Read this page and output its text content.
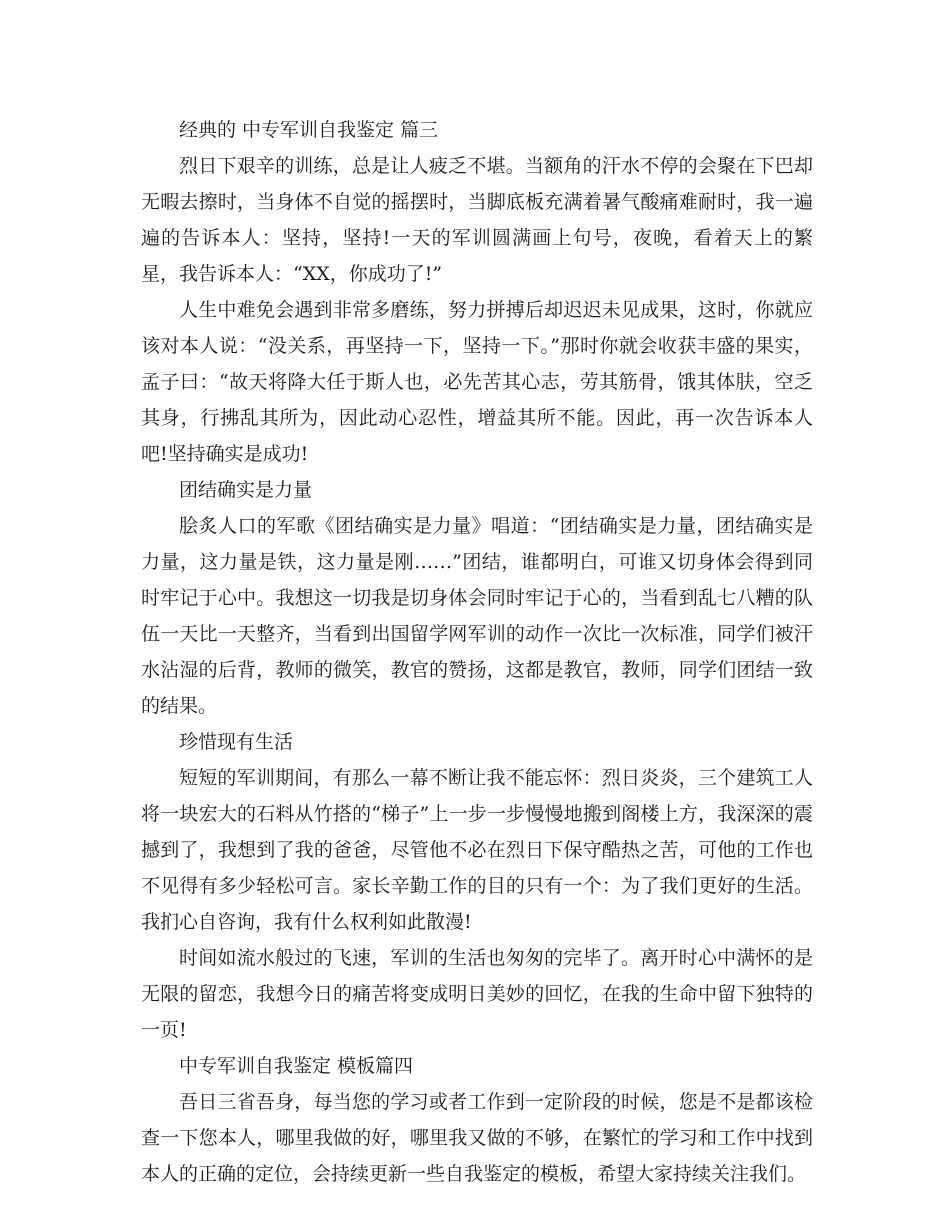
经典的 中专军训自我鉴定 篇三

烈日下艰辛的训练，总是让人疲乏不堪。当额角的汗水不停的会聚在下巴却无暇去擦时，当身体不自觉的摇摆时，当脚底板充满着暑气酸痛难耐时，我一遍遍的告诉本人：坚持，坚持!一天的军训圆满画上句号，夜晚，看着天上的繁星，我告诉本人：“XX，你成功了!”

人生中难免会遇到非常多磨练，努力拼搏后却迟迟未见成果，这时，你就应该对本人说：“没关系，再坚持一下，坚持一下。”那时你就会收获丰盛的果实，孟子曰：“故天将降大任于斯人也，必先苦其心志，劳其筋骨，饿其体肤，空乏其身，行拂乱其所为，因此动心忍性，增益其所不能。因此，再一次告诉本人吧!坚持确实是成功!

团结确实是力量

脍炙人口的军歌《团结确实是力量》唱道：“团结确实是力量，团结确实是力量，这力量是铁，这力量是刚……”团结，谁都明白，可谁又切身体会得到同时牢记于心中。我想这一切我是切身体会同时牢记于心的，当看到乱七八糟的队伍一天比一天整齐，当看到出国留学网军训的动作一次比一次标准，同学们被汗水沾湿的后背，教师的微笑，教官的赞扬，这都是教官，教师，同学们团结一致的结果。

珍惜现有生活

短短的军训期间，有那么一幕不断让我不能忘怀：烈日炎炎，三个建筑工人将一块宏大的石料从竹搭的“梯子”上一步一步慢慢地搬到阁楼上方，我深深的震撼到了，我想到了我的爸爸，尽管他不必在烈日下保守酷热之苦，可他的工作也不见得有多少轻松可言。家长辛勤工作的目的只有一个：为了我们更好的生活。我扪心自咨询，我有什么权利如此散漫!

时间如流水般过的飞速，军训的生活也匆匆的完毕了。离开时心中满怀的是无限的留恋，我想今日的痛苦将变成明日美妙的回忆，在我的生命中留下独特的一页!

中专军训自我鉴定 模板篇四

吾日三省吾身，每当您的学习或者工作到一定阶段的时候，您是不是都该检查一下您本人，哪里我做的好，哪里我又做的不够，在繁忙的学习和工作中找到本人的正确的定位，会持续更新一些自我鉴定的模板，希望大家持续关注我们。
